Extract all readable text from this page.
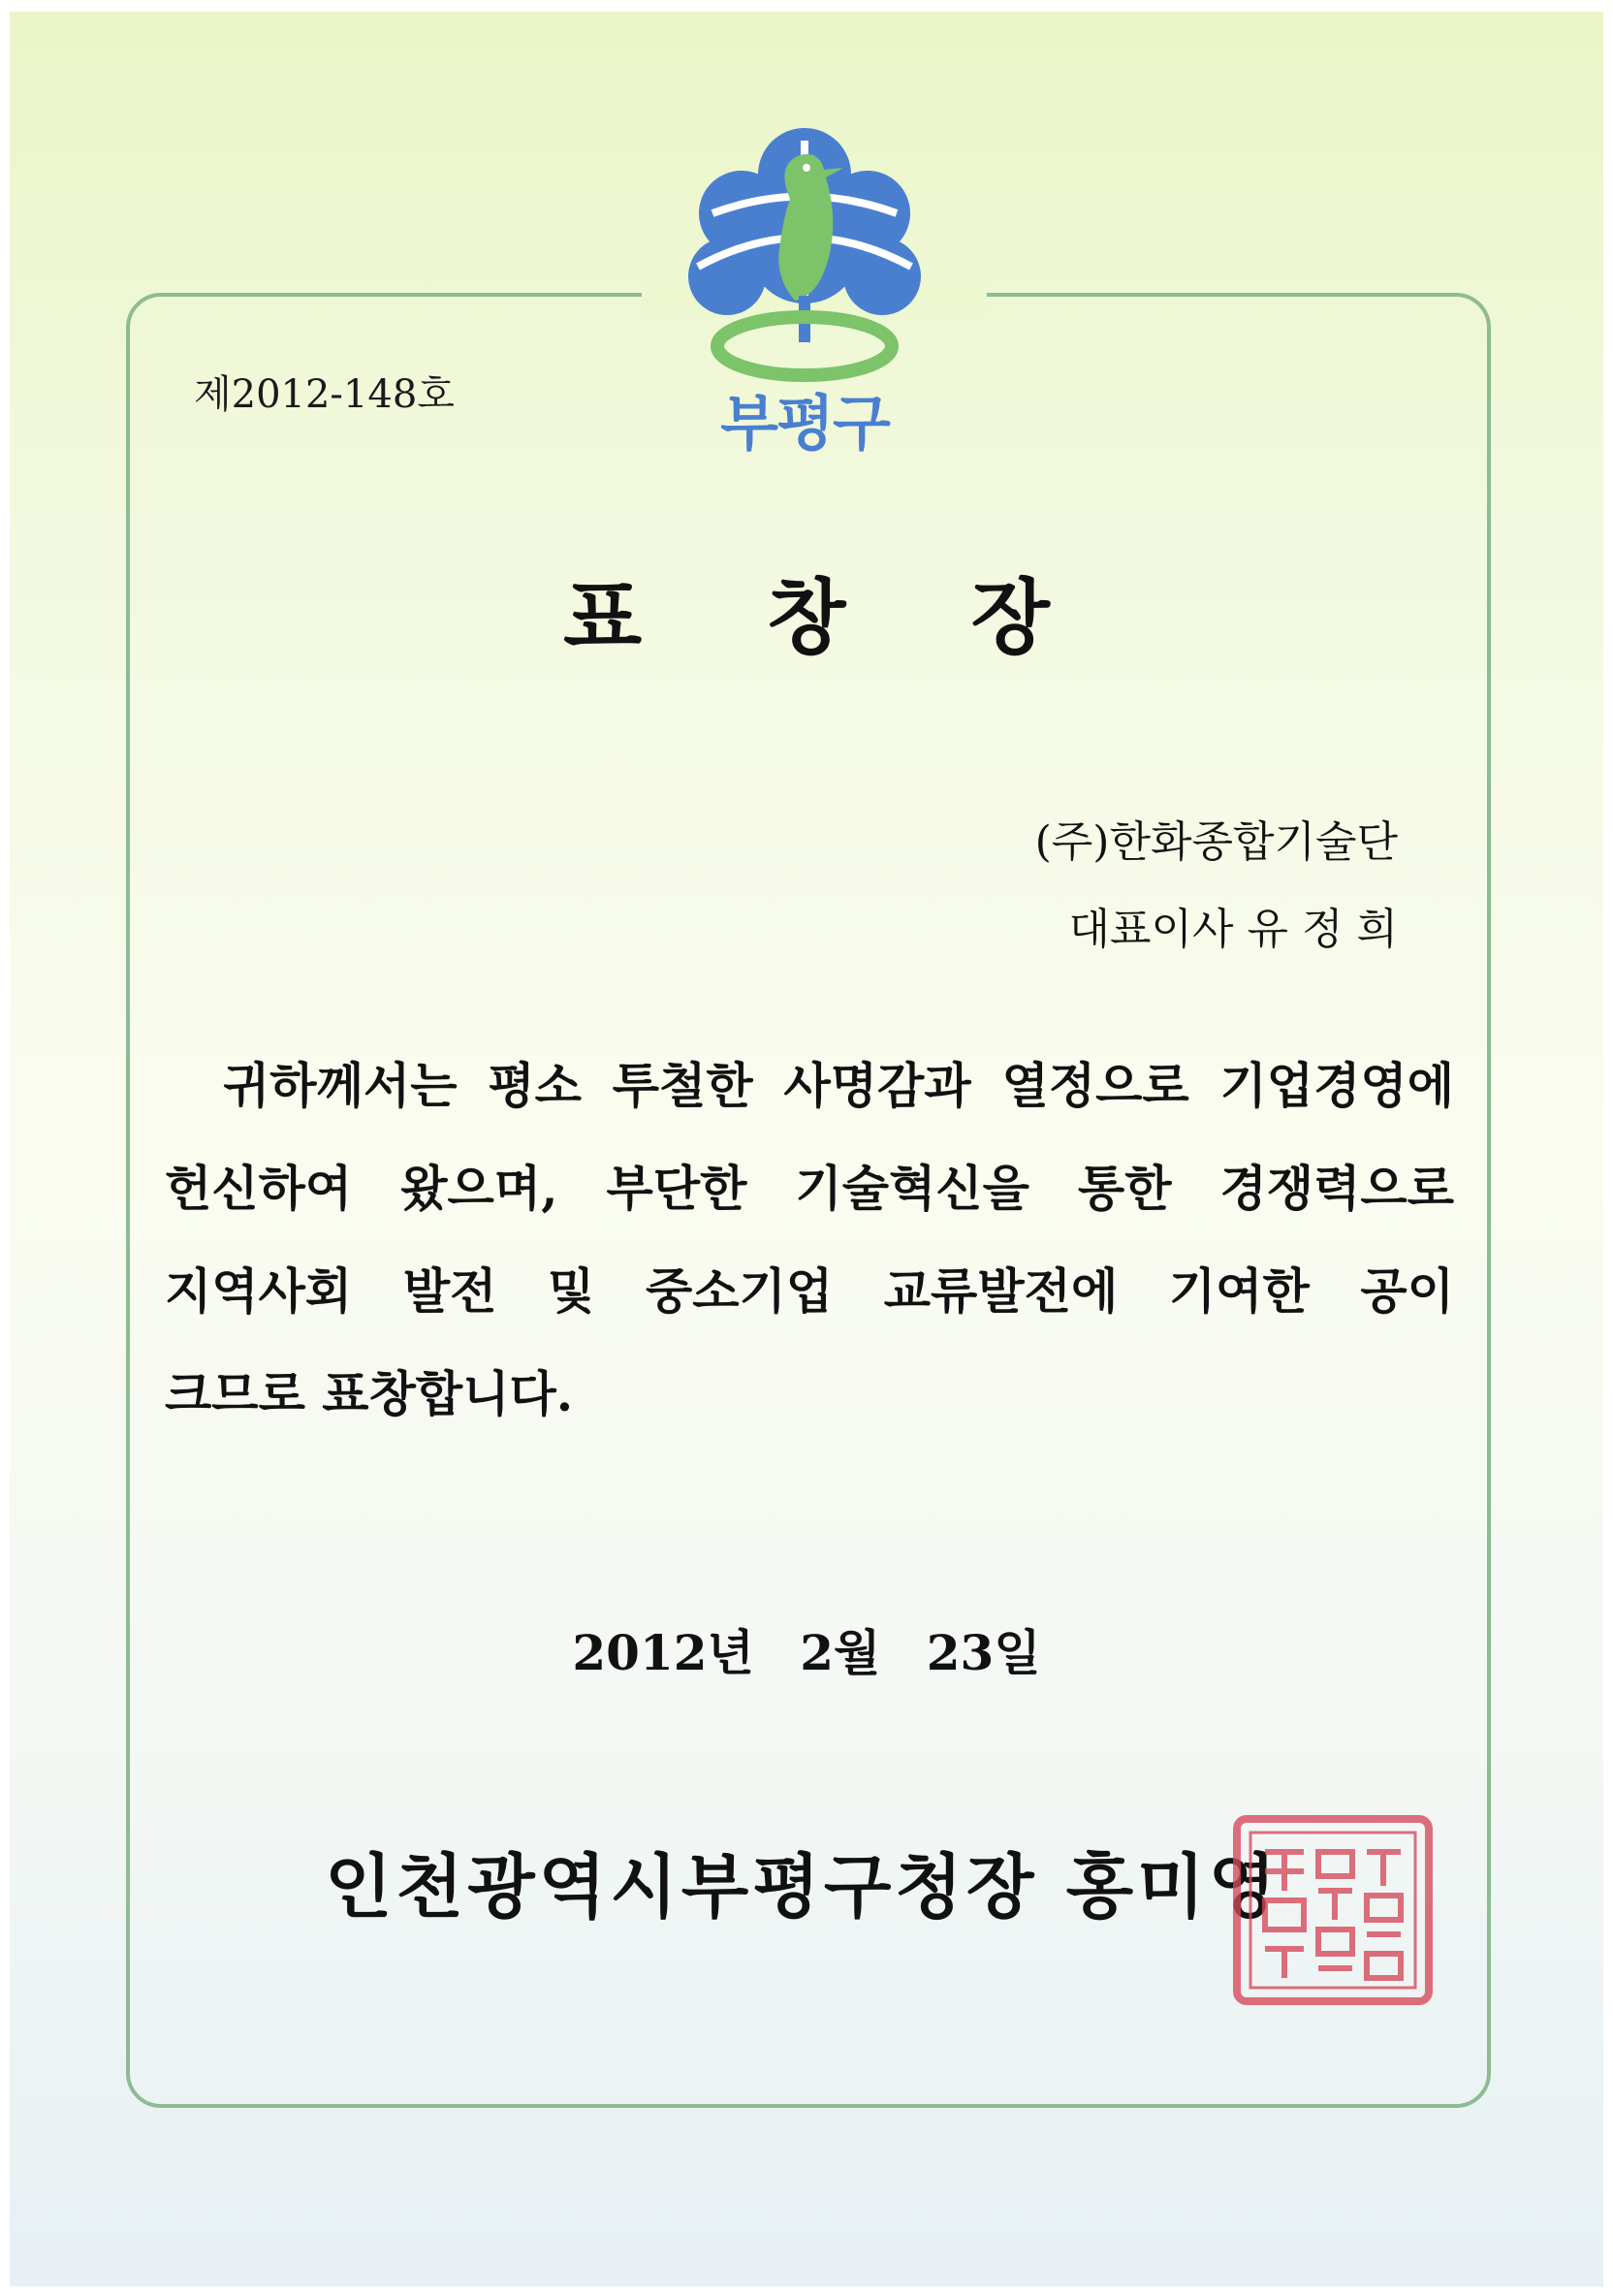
부평구
제2012-148호
표 창 장
(주)한화종합기술단
대표이사 유 정 희
귀하께서는 평소 투철한 사명감과 열정으로 기업경영에
헌신하여 왔으며, 부단한 기술혁신을 통한 경쟁력으로
지역사회 발전 및 중소기업 교류발전에 기여한 공이
크므로 표창합니다.
2012년 2월 23일
인천광역시부평구청장 홍미영
